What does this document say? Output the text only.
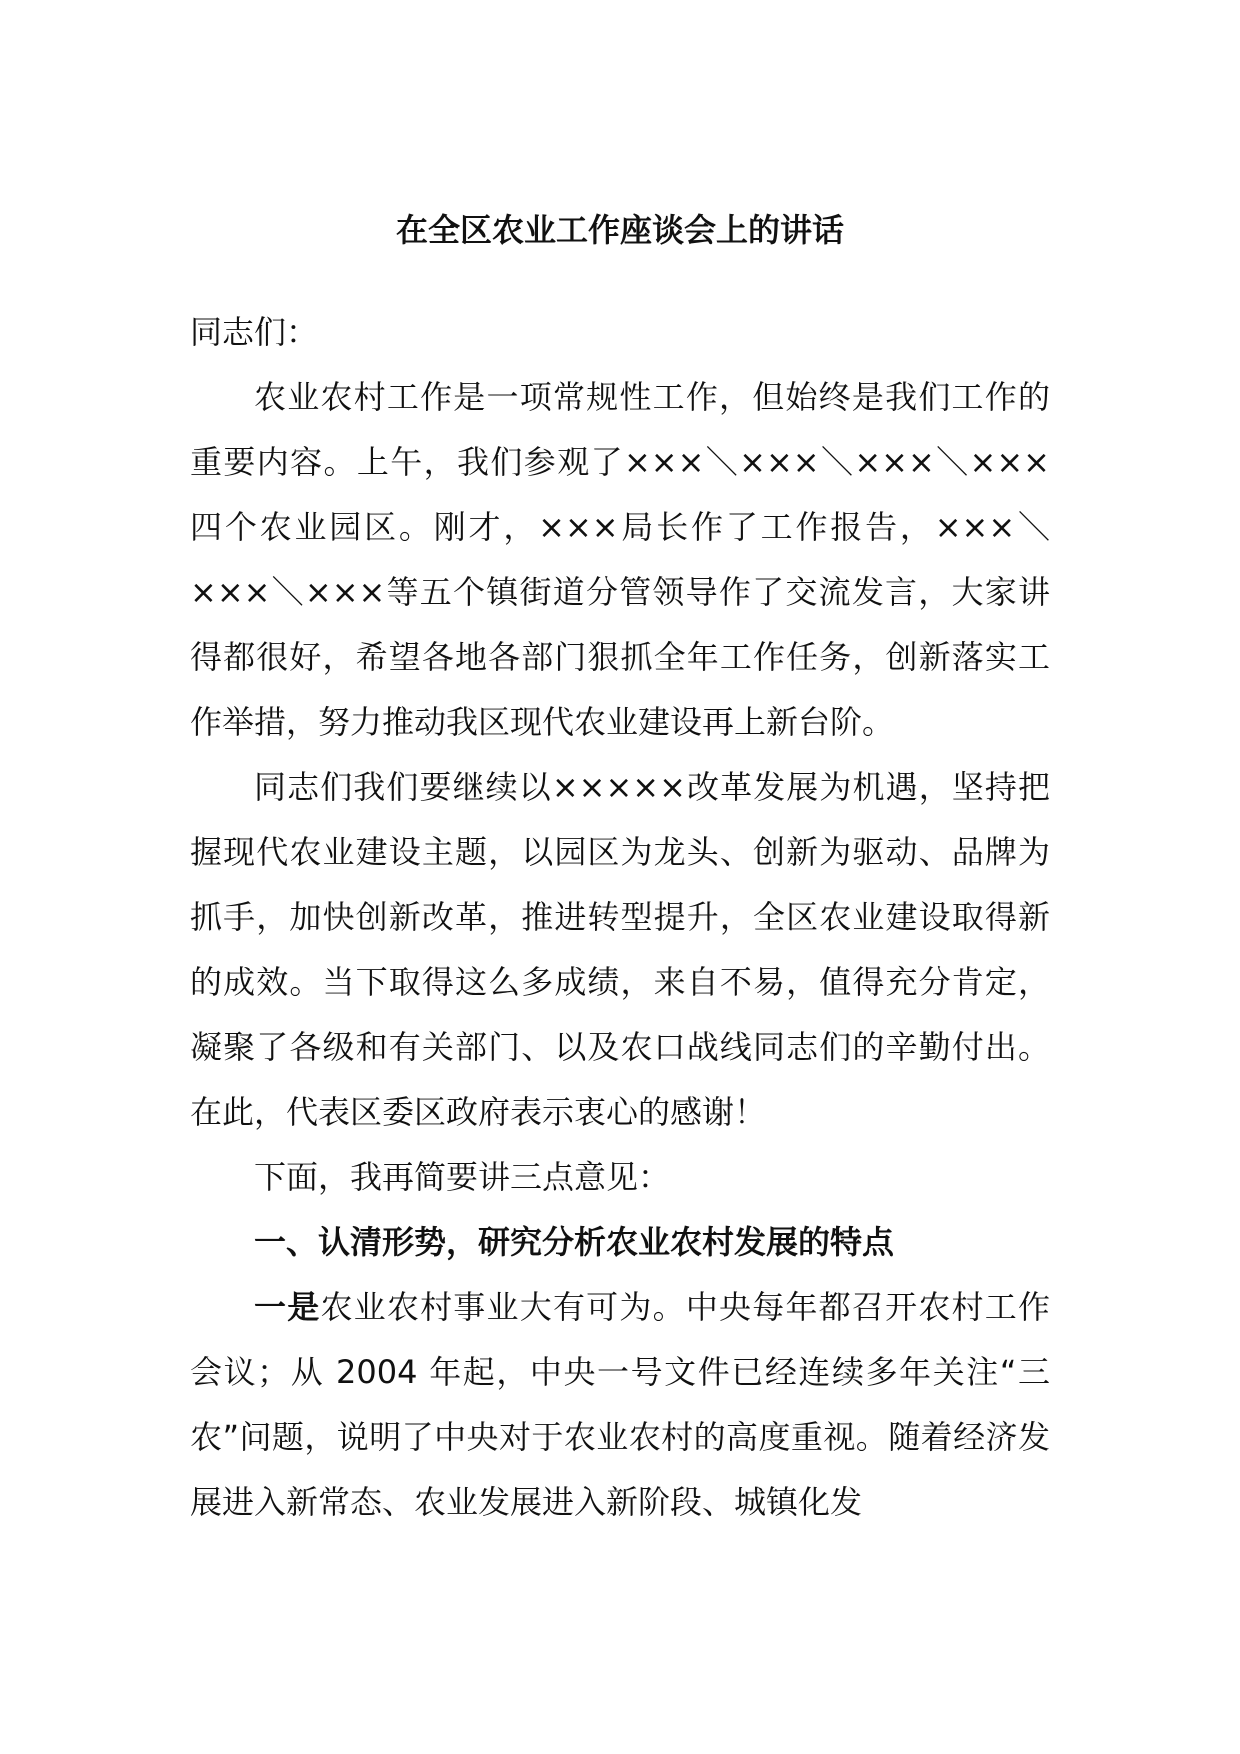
在全区农业工作座谈会上的讲话

同志们：

农业农村工作是一项常规性工作，但始终是我们工作的重要内容。上午，我们参观了×××＼×××＼×××＼×××四个农业园区。刚才，×××局长作了工作报告，×××＼×××＼×××等五个镇街道分管领导作了交流发言，大家讲得都很好，希望各地各部门狠抓全年工作任务，创新落实工作举措，努力推动我区现代农业建设再上新台阶。

同志们我们要继续以×××××改革发展为机遇，坚持把握现代农业建设主题，以园区为龙头、创新为驱动、品牌为抓手，加快创新改革，推进转型提升，全区农业建设取得新的成效。当下取得这么多成绩，来自不易，值得充分肯定，凝聚了各级和有关部门、以及农口战线同志们的辛勤付出。在此，代表区委区政府表示衷心的感谢！

下面，我再简要讲三点意见：

一、认清形势，研究分析农业农村发展的特点

一是农业农村事业大有可为。中央每年都召开农村工作会议；从 2004 年起，中央一号文件已经连续多年关注“三农”问题，说明了中央对于农业农村的高度重视。随着经济发展进入新常态、农业发展进入新阶段、城镇化发
